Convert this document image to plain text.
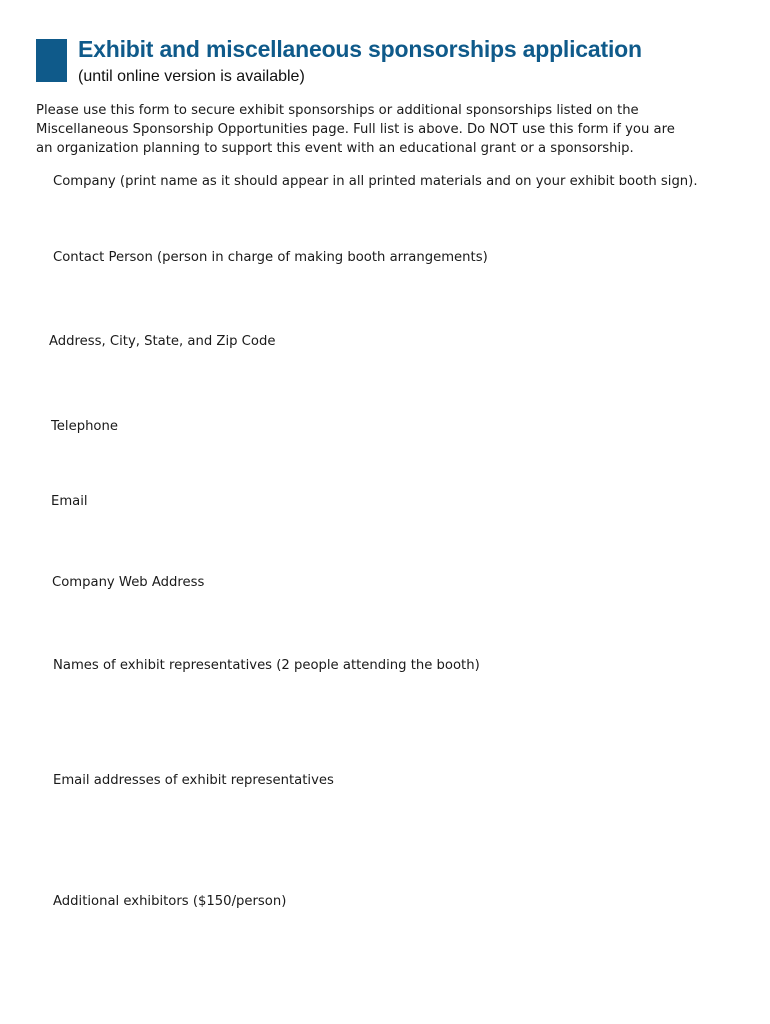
Exhibit and miscellaneous sponsorships application
(until online version is available)
Please use this form to secure exhibit sponsorships or additional sponsorships listed on the
Miscellaneous Sponsorship Opportunities page. Full list is above. Do NOT use this form if you are
an organization planning to support this event with an educational grant or a sponsorship.
Company (print name as it should appear in all printed materials and on your exhibit booth sign).
Contact Person (person in charge of making booth arrangements)
Address, City, State, and Zip Code
Telephone
Email
Company Web Address
Names of exhibit representatives (2 people attending the booth)
Email addresses of exhibit representatives
Additional exhibitors ($150/person)
